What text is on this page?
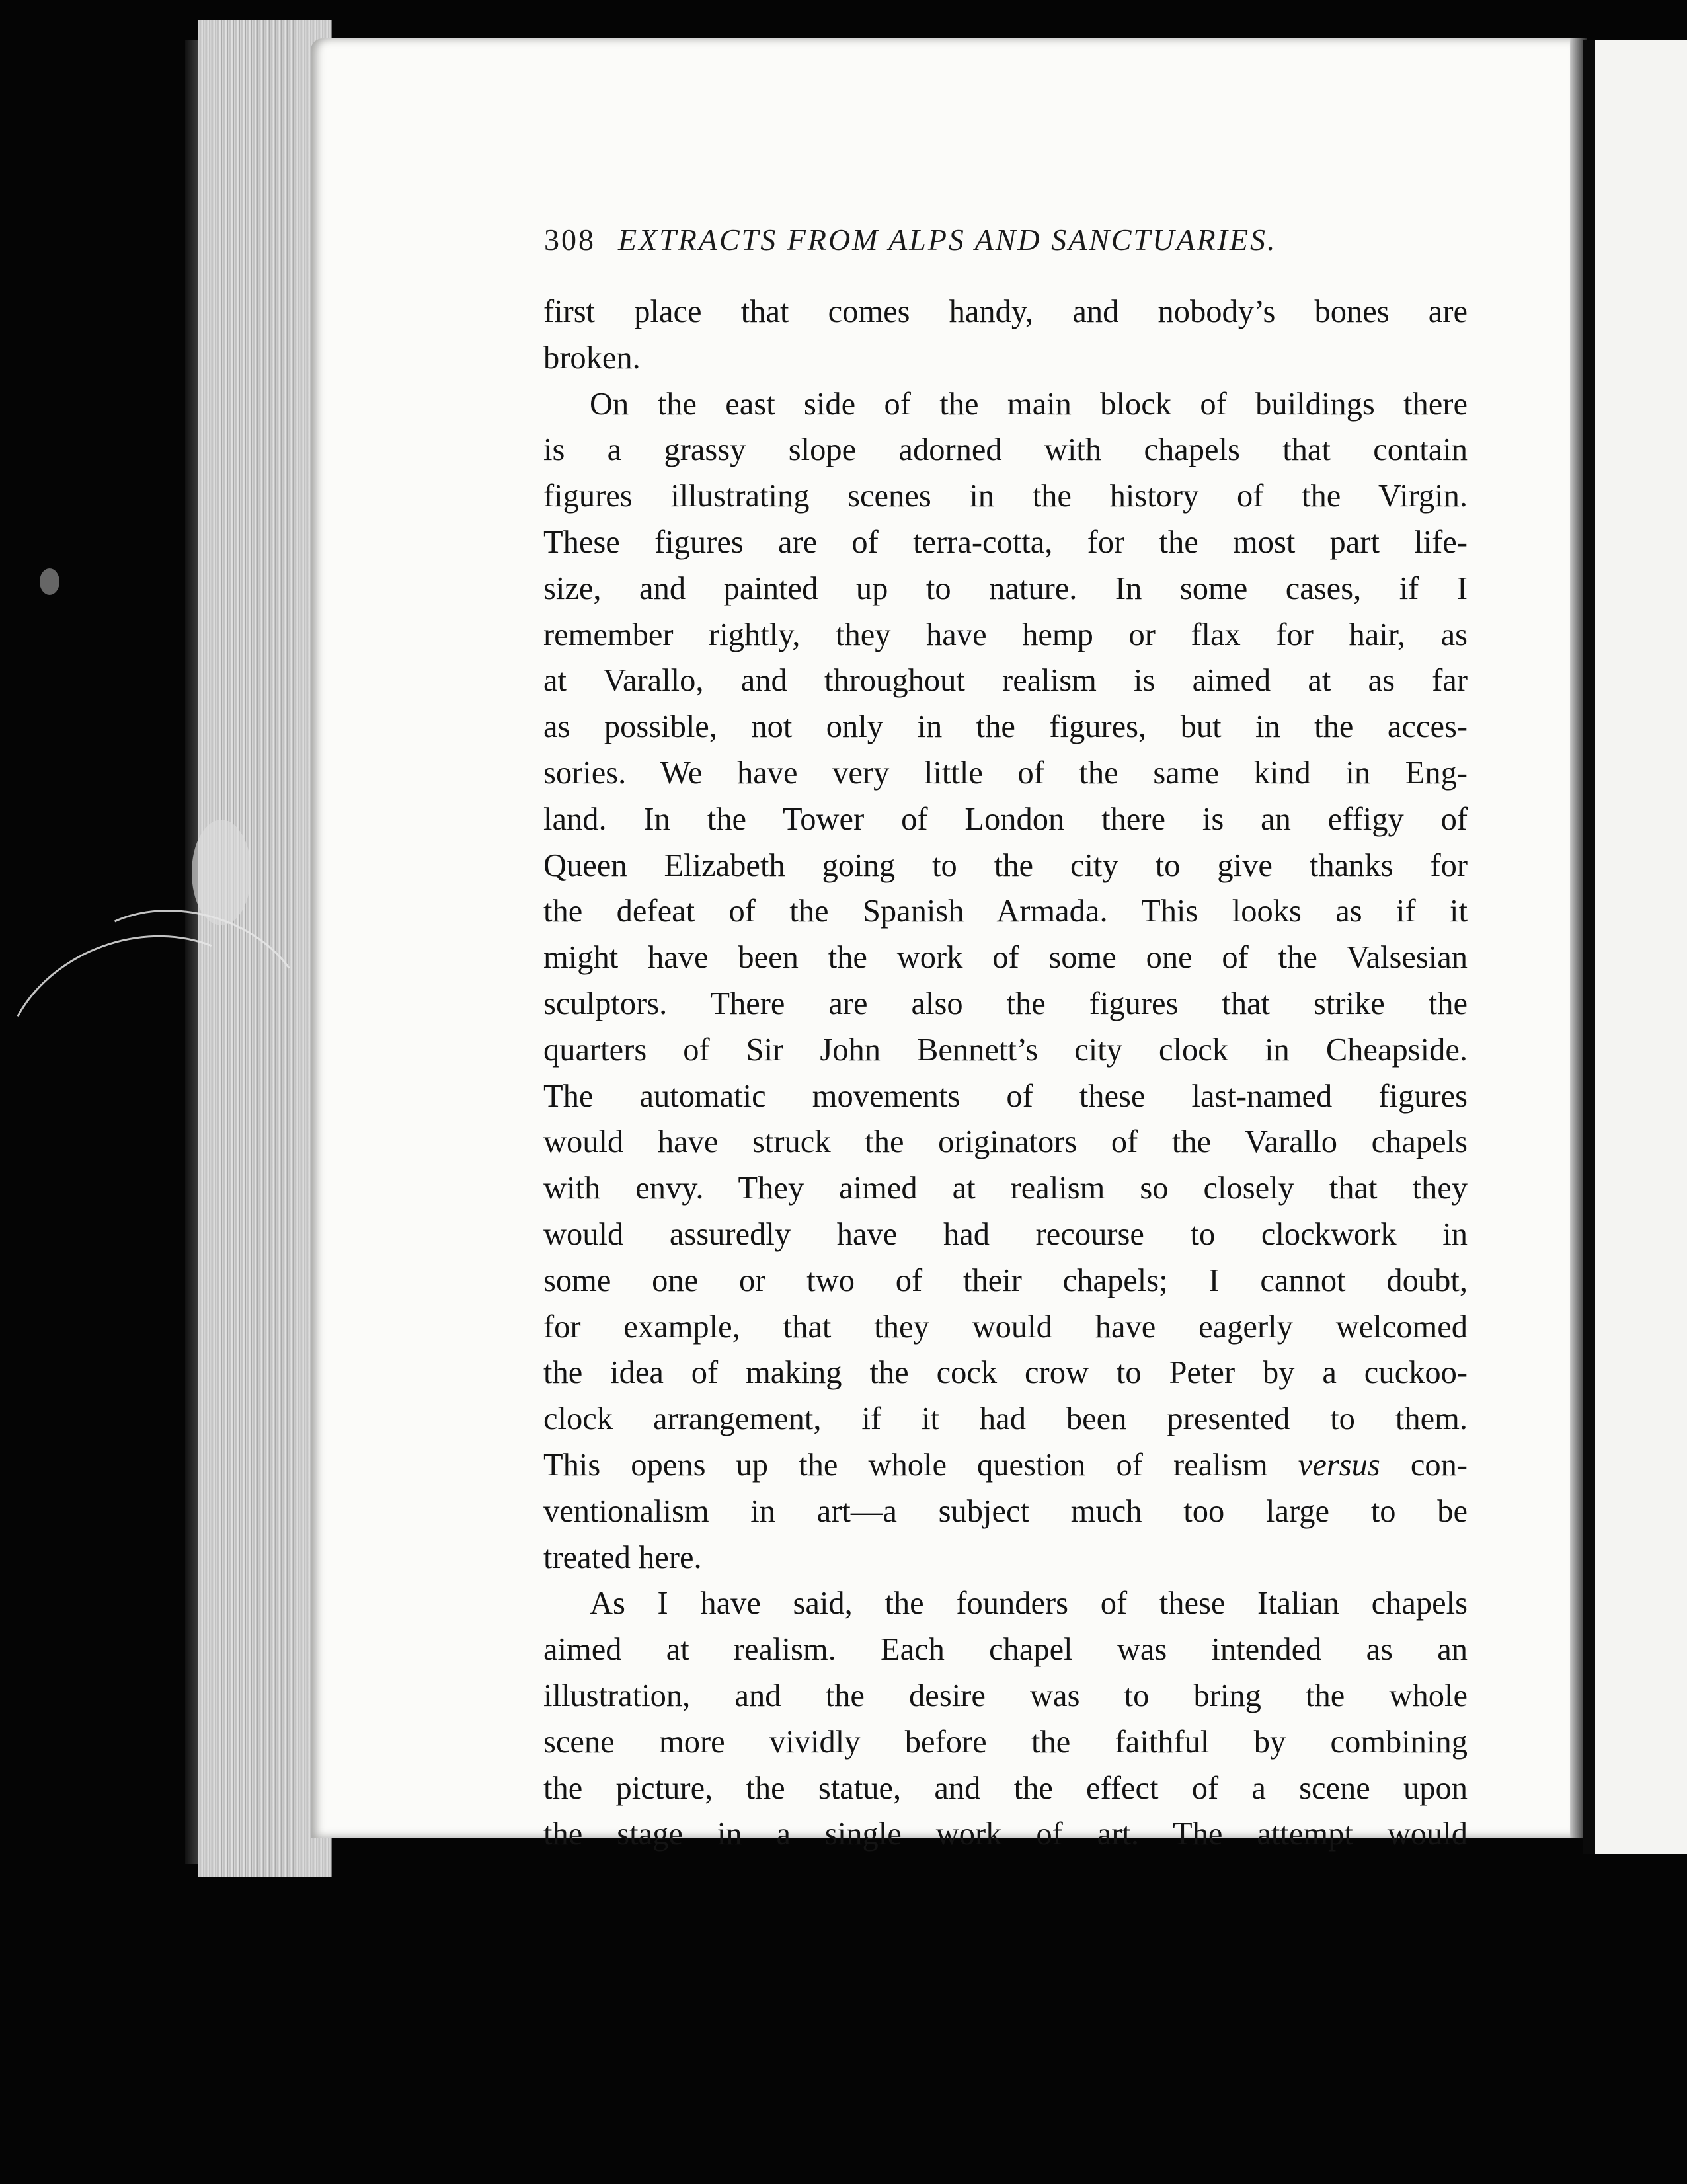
308 EXTRACTS FROM ALPS AND SANCTUARIES.
first place that comes handy, and nobody’s bones are
broken.
On the east side of the main block of buildings there
is a grassy slope adorned with chapels that contain
figures illustrating scenes in the history of the Virgin.
These figures are of terra-cotta, for the most part life-
size, and painted up to nature. In some cases, if I
remember rightly, they have hemp or flax for hair, as
at Varallo, and throughout realism is aimed at as far
as possible, not only in the figures, but in the acces-
sories. We have very little of the same kind in Eng-
land. In the Tower of London there is an effigy of
Queen Elizabeth going to the city to give thanks for
the defeat of the Spanish Armada. This looks as if it
might have been the work of some one of the Valsesian
sculptors. There are also the figures that strike the
quarters of Sir John Bennett’s city clock in Cheapside.
The automatic movements of these last-named figures
would have struck the originators of the Varallo chapels
with envy. They aimed at realism so closely that they
would assuredly have had recourse to clockwork in
some one or two of their chapels; I cannot doubt,
for example, that they would have eagerly welcomed
the idea of making the cock crow to Peter by a cuckoo-
clock arrangement, if it had been presented to them.
This opens up the whole question of realism versus con-
ventionalism in art—a subject much too large to be
treated here.
As I have said, the founders of these Italian chapels
aimed at realism. Each chapel was intended as an
illustration, and the desire was to bring the whole
scene more vividly before the faithful by combining
the picture, the statue, and the effect of a scene upon
the stage in a single work of art. The attempt would
